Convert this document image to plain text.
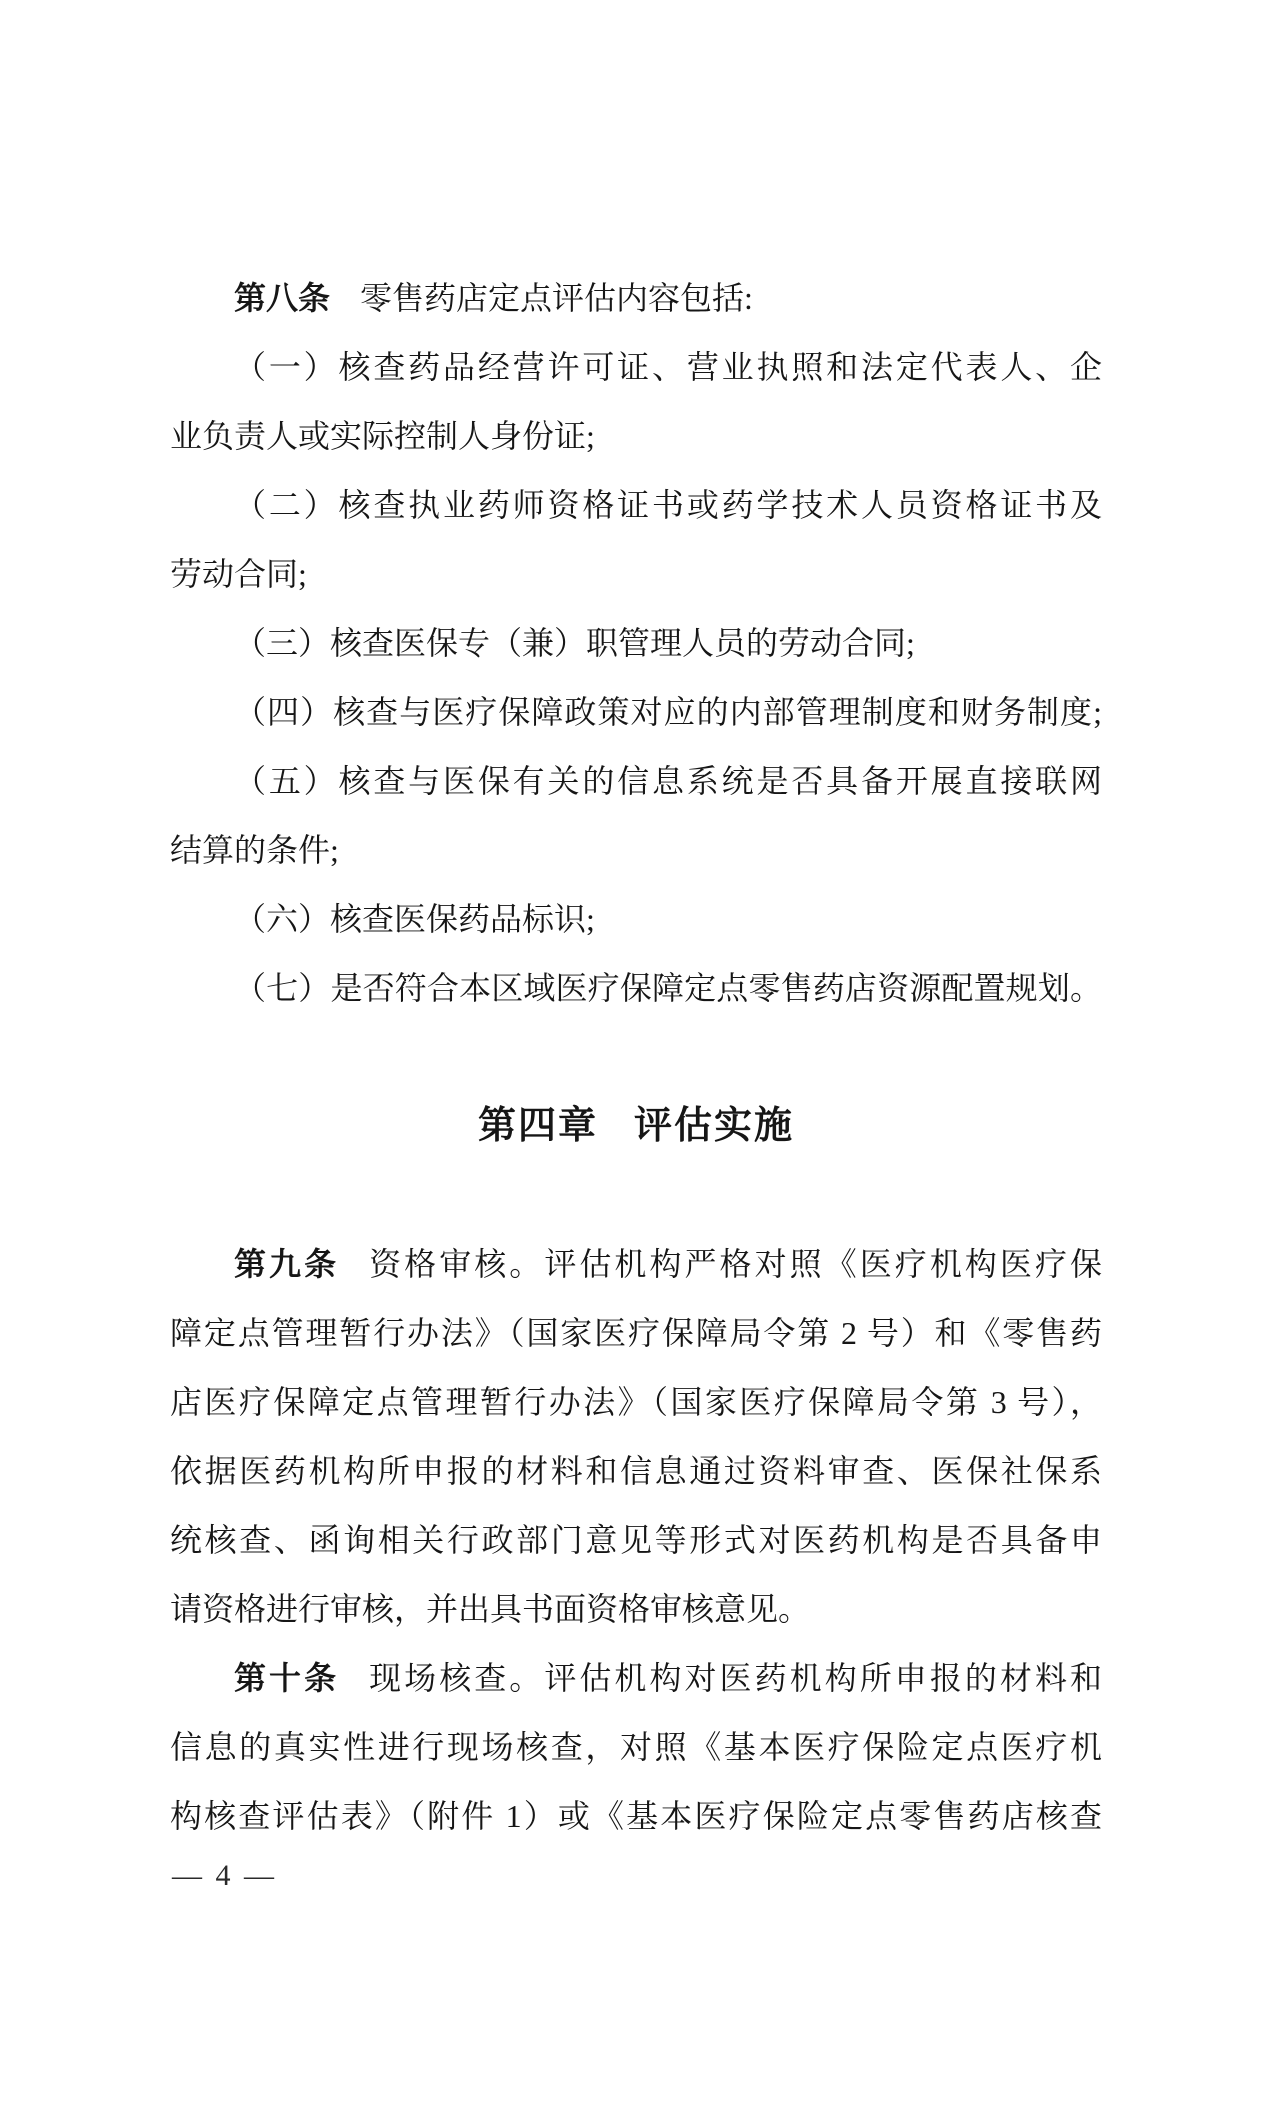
第八条 零售药店定点评估内容包括:
（一）核查药品经营许可证、营业执照和法定代表人、企
业负责人或实际控制人身份证;
（二）核查执业药师资格证书或药学技术人员资格证书及
劳动合同;
（三）核查医保专（兼）职管理人员的劳动合同;
（四）核查与医疗保障政策对应的内部管理制度和财务制度;
（五）核查与医保有关的信息系统是否具备开展直接联网
结算的条件;
（六）核查医保药品标识;
（七）是否符合本区域医疗保障定点零售药店资源配置规划。
第四章 评估实施
第九条 资格审核。评估机构严格对照《医疗机构医疗保
障定点管理暂行办法》（国家医疗保障局令第 2 号）和《零售药
店医疗保障定点管理暂行办法》（国家医疗保障局令第 3 号），
依据医药机构所申报的材料和信息通过资料审查、医保社保系
统核查、函询相关行政部门意见等形式对医药机构是否具备申
请资格进行审核，并出具书面资格审核意见。
第十条 现场核查。评估机构对医药机构所申报的材料和
信息的真实性进行现场核查，对照《基本医疗保险定点医疗机
构核查评估表》（附件 1）或《基本医疗保险定点零售药店核查
— 4 —
